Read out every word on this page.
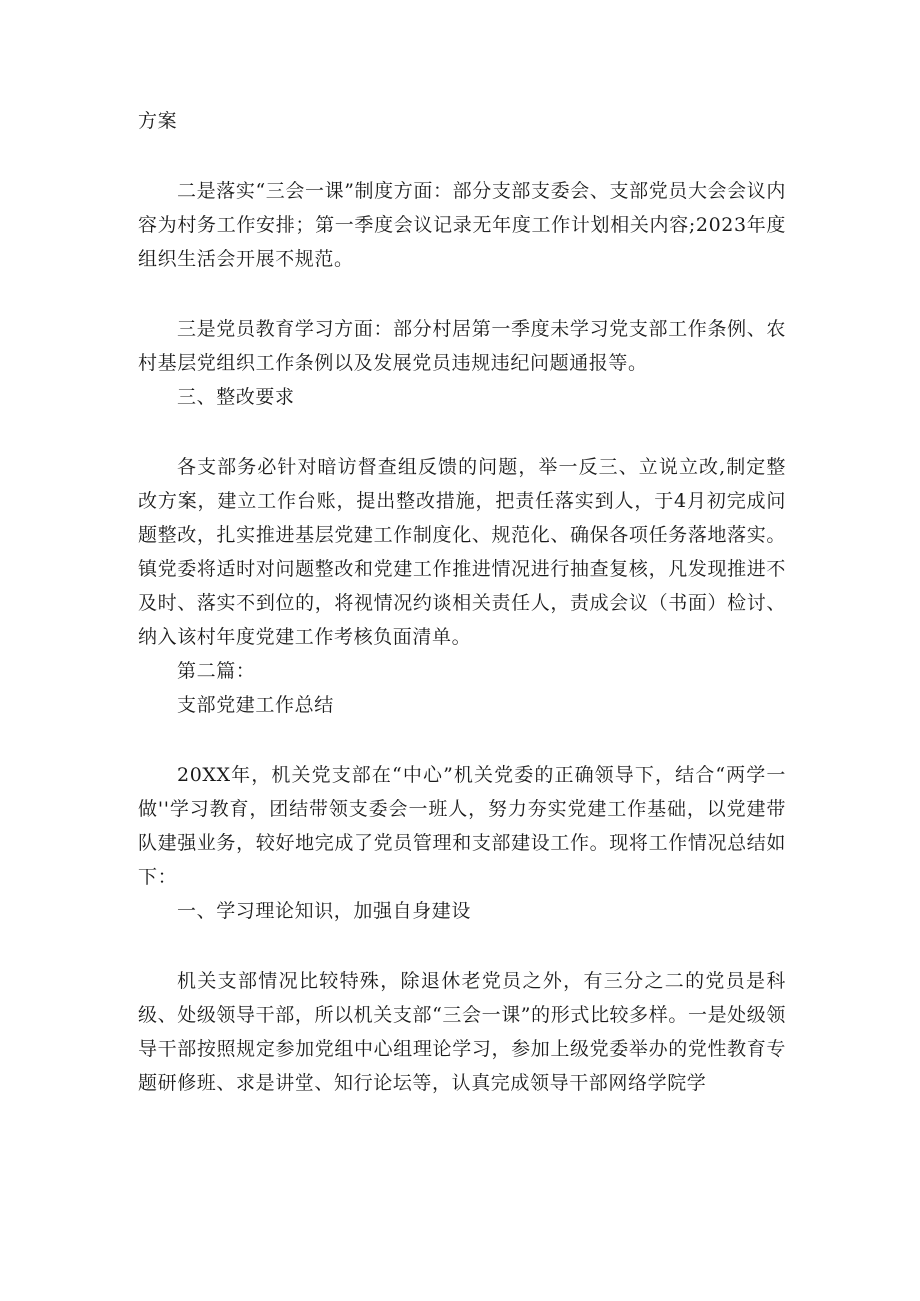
方案

二是落实“三会一课”制度方面：部分支部支委会、支部党员大会会议内容为村务工作安排；第一季度会议记录无年度工作计划相关内容;2023年度组织生活会开展不规范。

三是党员教育学习方面：部分村居第一季度未学习党支部工作条例、农村基层党组织工作条例以及发展党员违规违纪问题通报等。

三、整改要求

各支部务必针对暗访督查组反馈的问题，举一反三、立说立改,制定整改方案，建立工作台账，提出整改措施，把责任落实到人，于4月初完成问题整改，扎实推进基层党建工作制度化、规范化、确保各项任务落地落实。镇党委将适时对问题整改和党建工作推进情况进行抽查复核，凡发现推进不及时、落实不到位的，将视情况约谈相关责任人，责成会议（书面）检讨、纳入该村年度党建工作考核负面清单。

第二篇：

支部党建工作总结

20XX年，机关党支部在“中心”机关党委的正确领导下，结合“两学一做''学习教育，团结带领支委会一班人，努力夯实党建工作基础，以党建带队建强业务，较好地完成了党员管理和支部建设工作。现将工作情况总结如下：

一、学习理论知识，加强自身建设

机关支部情况比较特殊，除退休老党员之外，有三分之二的党员是科级、处级领导干部，所以机关支部“三会一课”的形式比较多样。一是处级领导干部按照规定参加党组中心组理论学习，参加上级党委举办的党性教育专题研修班、求是讲堂、知行论坛等，认真完成领导干部网络学院学
